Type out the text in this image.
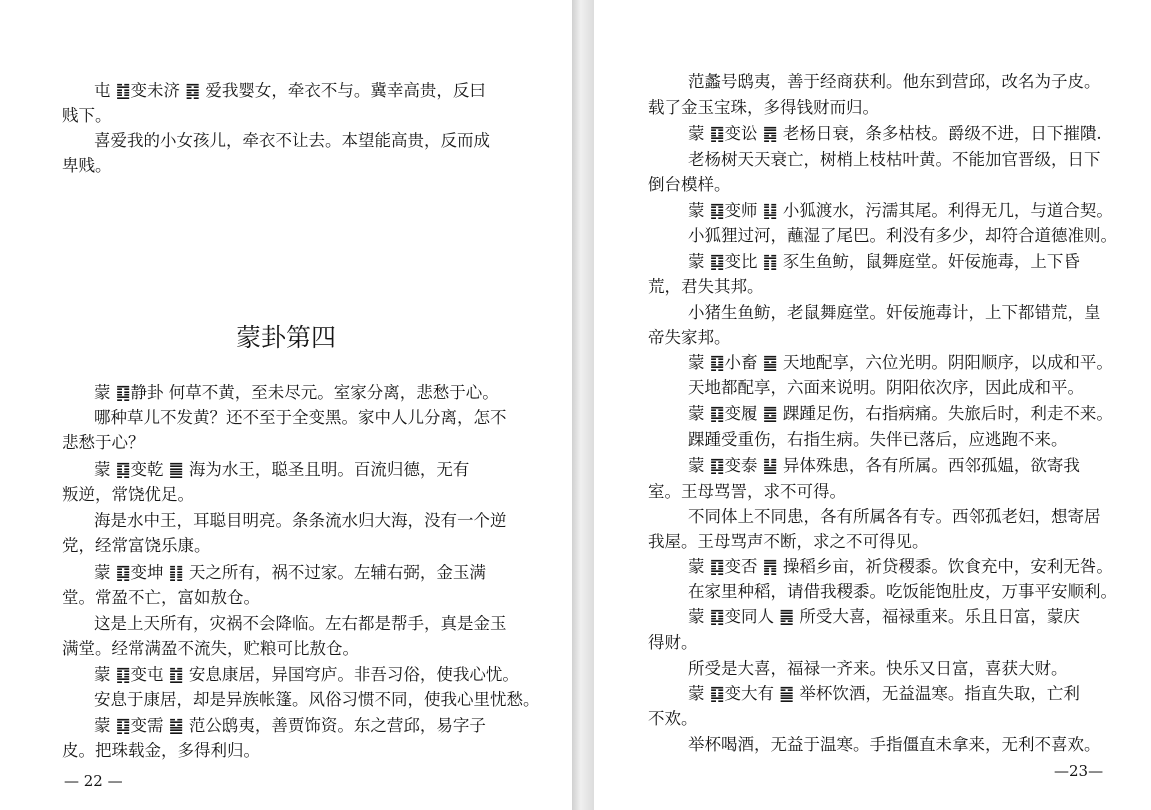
屯 ䷂变未济 ䷿ 爱我婴女，牵衣不与。冀幸高贵，反曰
贱下。
喜爱我的小女孩儿，牵衣不让去。本望能高贵，反而成
卑贱。
蒙卦第四
蒙 ䷃静卦 何草不黄，至未尽元。室家分离，悲愁于心。
哪种草儿不发黄？还不至于全变黑。家中人儿分离，怎不
悲愁于心？
蒙 ䷃变乾 ䷀ 海为水王，聪圣且明。百流归德，无有
叛逆，常饶优足。
海是水中王，耳聪目明亮。条条流水归大海，没有一个逆
党，经常富饶乐康。
蒙 ䷃变坤 ䷁ 天之所有，祸不过家。左辅右弼，金玉满
堂。常盈不亡，富如敖仓。
这是上天所有，灾祸不会降临。左右都是帮手，真是金玉
满堂。经常满盈不流失，贮粮可比敖仓。
蒙 ䷃变屯 ䷂ 安息康居，异国穹庐。非吾习俗，使我心忧。
安息于康居，却是异族帐篷。风俗习惯不同，使我心里忧愁。
蒙 ䷃变需 ䷄ 范公鸱夷，善贾饰资。东之营邱，易字子
皮。把珠载金，多得利归。
— 22 —
范蠡号鸱夷，善于经商获利。他东到营邱，改名为子皮。
载了金玉宝珠，多得钱财而归。
蒙 ䷃变讼 ䷅ 老杨日衰，条多枯枝。爵级不进，日下摧隤.
老杨树天天衰亡，树梢上枝枯叶黄。不能加官晋级，日下
倒台模样。
蒙 ䷃变师 ䷆ 小狐渡水，污濡其尾。利得无几，与道合契。
小狐狸过河，蘸湿了尾巴。利没有多少，却符合道德准则。
蒙 ䷃变比 ䷇ 豕生鱼鲂，鼠舞庭堂。奸佞施毒，上下昏
荒，君失其邦。
小猪生鱼鲂，老鼠舞庭堂。奸佞施毒计，上下都错荒，皇
帝失家邦。
蒙 ䷃小畜 ䷈ 天地配享，六位光明。阴阳顺序，以成和平。
天地都配享，六面来说明。阴阳依次序，因此成和平。
蒙 ䷃变履 ䷉ 踝踵足伤，右指病痛。失旅后时，利走不来。
踝踵受重伤，右指生病。失伴已落后，应逃跑不来。
蒙 ䷃变泰 ䷊ 异体殊患，各有所属。西邻孤媪，欲寄我
室。王母骂詈，求不可得。
不同体上不同患，各有所属各有专。西邻孤老妇，想寄居
我屋。王母骂声不断，求之不可得见。
蒙 ䷃变否 ䷋ 操稻乡亩，祈贷稷黍。饮食充中，安利无咎。
在家里种稻，请借我稷黍。吃饭能饱肚皮，万事平安顺利。
蒙 ䷃变同人 ䷌ 所受大喜，福禄重来。乐且日富，蒙庆
得财。
所受是大喜，福禄一齐来。快乐又日富，喜获大财。
蒙 ䷃变大有 ䷍ 举杯饮酒，无益温寒。指直失取，亡利
不欢。
举杯喝酒，无益于温寒。手指僵直未拿来，无利不喜欢。
—23—
